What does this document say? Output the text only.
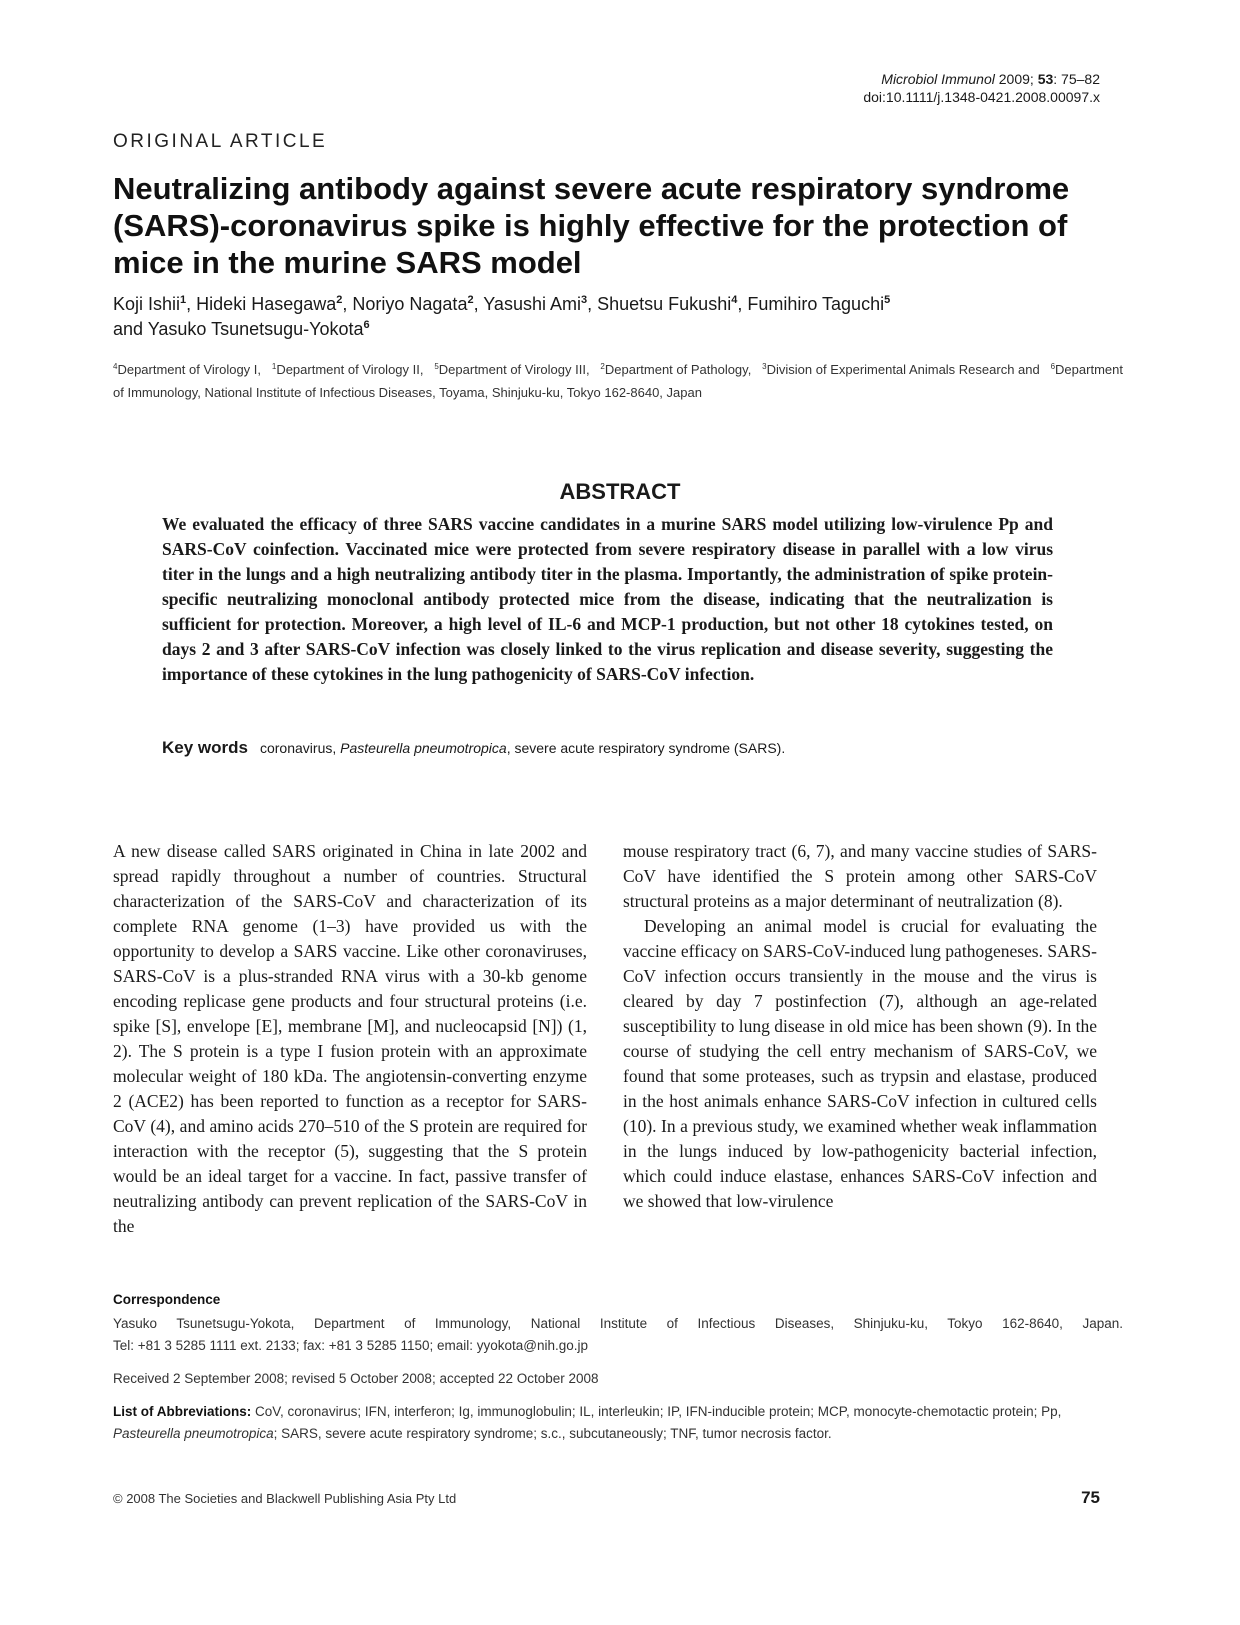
Microbiol Immunol 2009; 53: 75–82
doi:10.1111/j.1348-0421.2008.00097.x
ORIGINAL ARTICLE
Neutralizing antibody against severe acute respiratory syndrome (SARS)-coronavirus spike is highly effective for the protection of mice in the murine SARS model
Koji Ishii$^1$, Hideki Hasegawa$^2$, Noriyo Nagata$^2$, Yasushi Ami$^3$, Shuetsu Fukushi$^4$, Fumihiro Taguchi$^5$
and Yasuko Tsunetsugu-Yokota$^6$
$^4$Department of Virology I, $^1$Department of Virology II, $^5$Department of Virology III, $^2$Department of Pathology, $^3$Division of Experimental Animals Research and $^6$Department of Immunology, National Institute of Infectious Diseases, Toyama, Shinjuku-ku, Tokyo 162-8640, Japan
ABSTRACT

We evaluated the efficacy of three SARS vaccine candidates in a murine SARS model utilizing low-virulence Pp and SARS-CoV coinfection. Vaccinated mice were protected from severe respiratory disease in parallel with a low virus titer in the lungs and a high neutralizing antibody titer in the plasma. Importantly, the administration of spike protein-specific neutralizing monoclonal antibody protected mice from the disease, indicating that the neutralization is sufficient for protection. Moreover, a high level of IL-6 and MCP-1 production, but not other 18 cytokines tested, on days 2 and 3 after SARS-CoV infection was closely linked to the virus replication and disease severity, suggesting the importance of these cytokines in the lung pathogenicity of SARS-CoV infection.

Key words coronavirus, Pasteurella pneumotropica, severe acute respiratory syndrome (SARS).

A new disease called SARS originated in China in late 2002 and spread rapidly throughout a number of countries. Structural characterization of the SARS-CoV and characterization of its complete RNA genome (1–3) have provided us with the opportunity to develop a SARS vaccine. Like other coronaviruses, SARS-CoV is a plus-stranded RNA virus with a 30-kb genome encoding replicase gene products and four structural proteins (i.e. spike [S], envelope [E], membrane [M], and nucleocapsid [N]) (1, 2). The S protein is a type I fusion protein with an approximate molecular weight of 180 kDa. The angiotensin-converting enzyme 2 (ACE2) has been reported to function as a receptor for SARS-CoV (4), and amino acids 270–510 of the S protein are required for interaction with the receptor (5), suggesting that the S protein would be an ideal target for a vaccine. In fact, passive transfer of neutralizing antibody can prevent replication of the SARS-CoV in the

mouse respiratory tract (6, 7), and many vaccine studies of SARS-CoV have identified the S protein among other SARS-CoV structural proteins as a major determinant of neutralization (8).

Developing an animal model is crucial for evaluating the vaccine efficacy on SARS-CoV-induced lung pathogeneses. SARS-CoV infection occurs transiently in the mouse and the virus is cleared by day 7 postinfection (7), although an age-related susceptibility to lung disease in old mice has been shown (9). In the course of studying the cell entry mechanism of SARS-CoV, we found that some proteases, such as trypsin and elastase, produced in the host animals enhance SARS-CoV infection in cultured cells (10). In a previous study, we examined whether weak inflammation in the lungs induced by low-pathogenicity bacterial infection, which could induce elastase, enhances SARS-CoV infection and we showed that low-virulence

Correspondence

Yasuko Tsunetsugu-Yokota, Department of Immunology, National Institute of Infectious Diseases, Shinjuku-ku, Tokyo 162-8640, Japan.

Tel: +81 3 5285 1111 ext. 2133; fax: +81 3 5285 1150; email: yyokota@nih.go.jp

Received 2 September 2008; revised 5 October 2008; accepted 22 October 2008

List of Abbreviations: CoV, coronavirus; IFN, interferon; Ig, immunoglobulin; IL, interleukin; IP, IFN-inducible protein; MCP, monocyte-chemotactic protein; Pp, Pasteurella pneumotropica; SARS, severe acute respiratory syndrome; s.c., subcutaneously; TNF, tumor necrosis factor.

© 2008 The Societies and Blackwell Publishing Asia Pty Ltd	75
